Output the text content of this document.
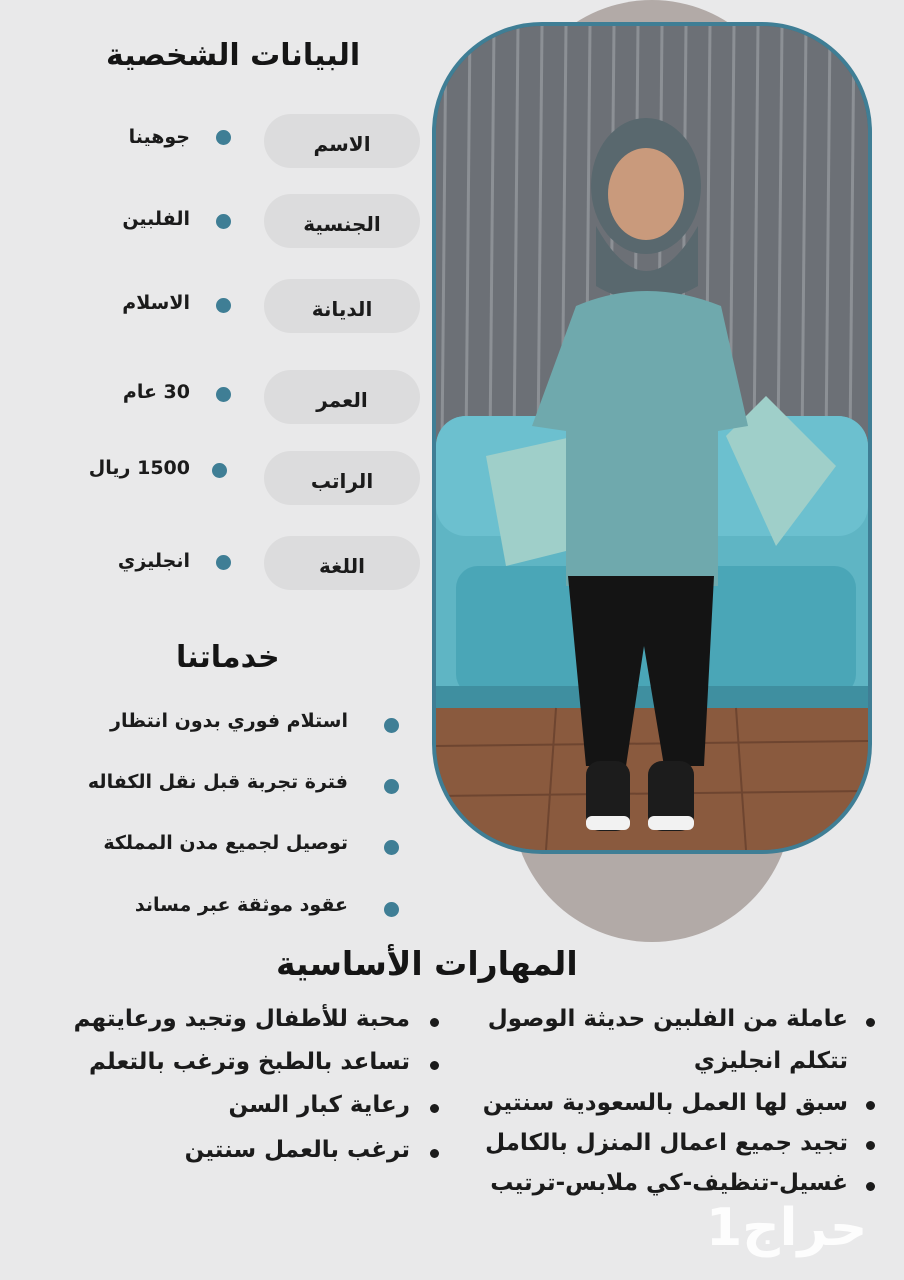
البيانات الشخصية
الاسم
جوهينا
الجنسية
الفلبين
الديانة
الاسلام
العمر
30 عام
الراتب
1500 ريال
اللغة
انجليزي
خدماتنا
استلام فوري بدون انتظار
فترة تجربة قبل نقل الكفاله
توصيل لجميع مدن المملكة
عقود موثقة عبر مساند
المهارات الأساسية
عاملة من الفلبين حديثة الوصول
تتكلم انجليزي
سبق لها العمل بالسعودية سنتين
تجيد جميع اعمال المنزل بالكامل
غسيل-تنظيف-كي ملابس-ترتيب
محبة للأطفال وتجيد ورعايتهم
تساعد بالطبخ وترغب بالتعلم
رعاية كبار السن
ترغب بالعمل سنتين
حراج1
